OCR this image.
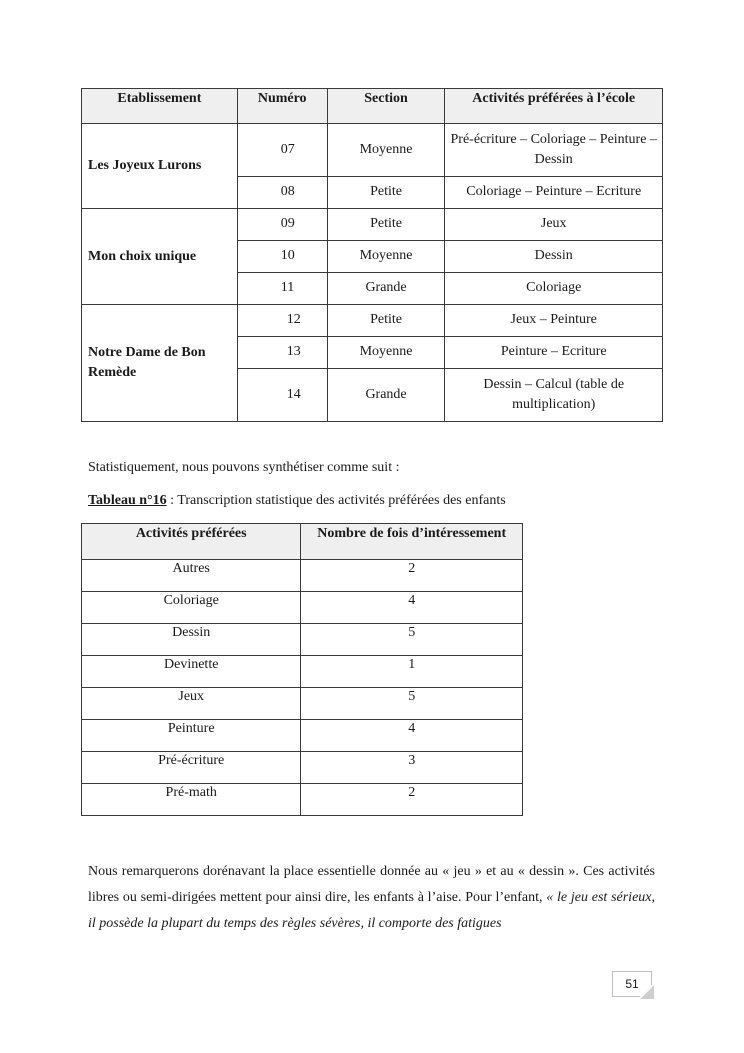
Etablissement	Numéro	Section	Activités préférées à l’école
Les Joyeux Lurons	07	Moyenne	Pré-écriture – Coloriage – Peinture – Dessin
	08	Petite	Coloriage – Peinture – Ecriture
Mon choix unique	09	Petite	Jeux
	10	Moyenne	Dessin
	11	Grande	Coloriage
Notre Dame de Bon Remède	12	Petite	Jeux – Peinture
	13	Moyenne	Peinture – Ecriture
	14	Grande	Dessin – Calcul (table de multiplication)

Statistiquement, nous pouvons synthétiser comme suit :

Tableau n°16 : Transcription statistique des activités préférées des enfants

Activités préférées	Nombre de fois d’intéressement
Autres	2
Coloriage	4
Dessin	5
Devinette	1
Jeux	5
Peinture	4
Pré-écriture	3
Pré-math	2

Nous remarquerons dorénavant la place essentielle donnée au « jeu » et au « dessin ». Ces activités libres ou semi-dirigées mettent pour ainsi dire, les enfants à l’aise. Pour l’enfant, « le jeu est sérieux, il possède la plupart du temps des règles sévères, il comporte des fatigues

51
